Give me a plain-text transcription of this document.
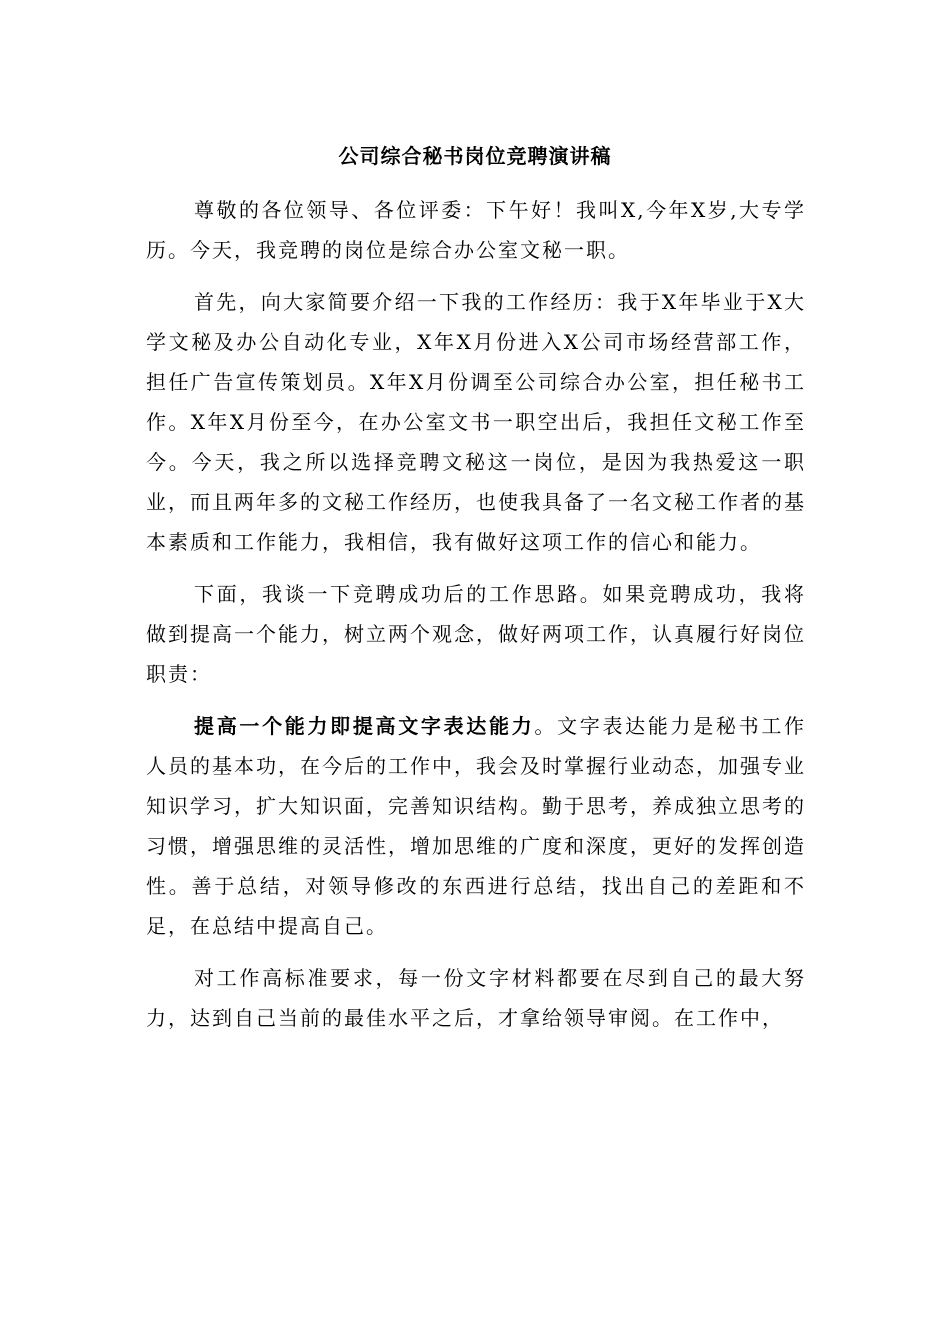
公司综合秘书岗位竞聘演讲稿

尊敬的各位领导、各位评委：下午好！我叫X,今年X岁,大专学历。今天，我竞聘的岗位是综合办公室文秘一职。

首先，向大家简要介绍一下我的工作经历：我于X年毕业于X大学文秘及办公自动化专业，X年X月份进入X公司市场经营部工作，担任广告宣传策划员。X年X月份调至公司综合办公室，担任秘书工作。X年X月份至今，在办公室文书一职空出后，我担任文秘工作至今。今天，我之所以选择竞聘文秘这一岗位，是因为我热爱这一职业，而且两年多的文秘工作经历，也使我具备了一名文秘工作者的基本素质和工作能力，我相信，我有做好这项工作的信心和能力。

下面，我谈一下竞聘成功后的工作思路。如果竞聘成功，我将做到提高一个能力，树立两个观念，做好两项工作，认真履行好岗位职责：

提高一个能力即提高文字表达能力。文字表达能力是秘书工作人员的基本功，在今后的工作中，我会及时掌握行业动态，加强专业知识学习，扩大知识面，完善知识结构。勤于思考，养成独立思考的习惯，增强思维的灵活性，增加思维的广度和深度，更好的发挥创造性。善于总结，对领导修改的东西进行总结，找出自己的差距和不足，在总结中提高自己。

对工作高标准要求，每一份文字材料都要在尽到自己的最大努力，达到自己当前的最佳水平之后，才拿给领导审阅。在工作中，
